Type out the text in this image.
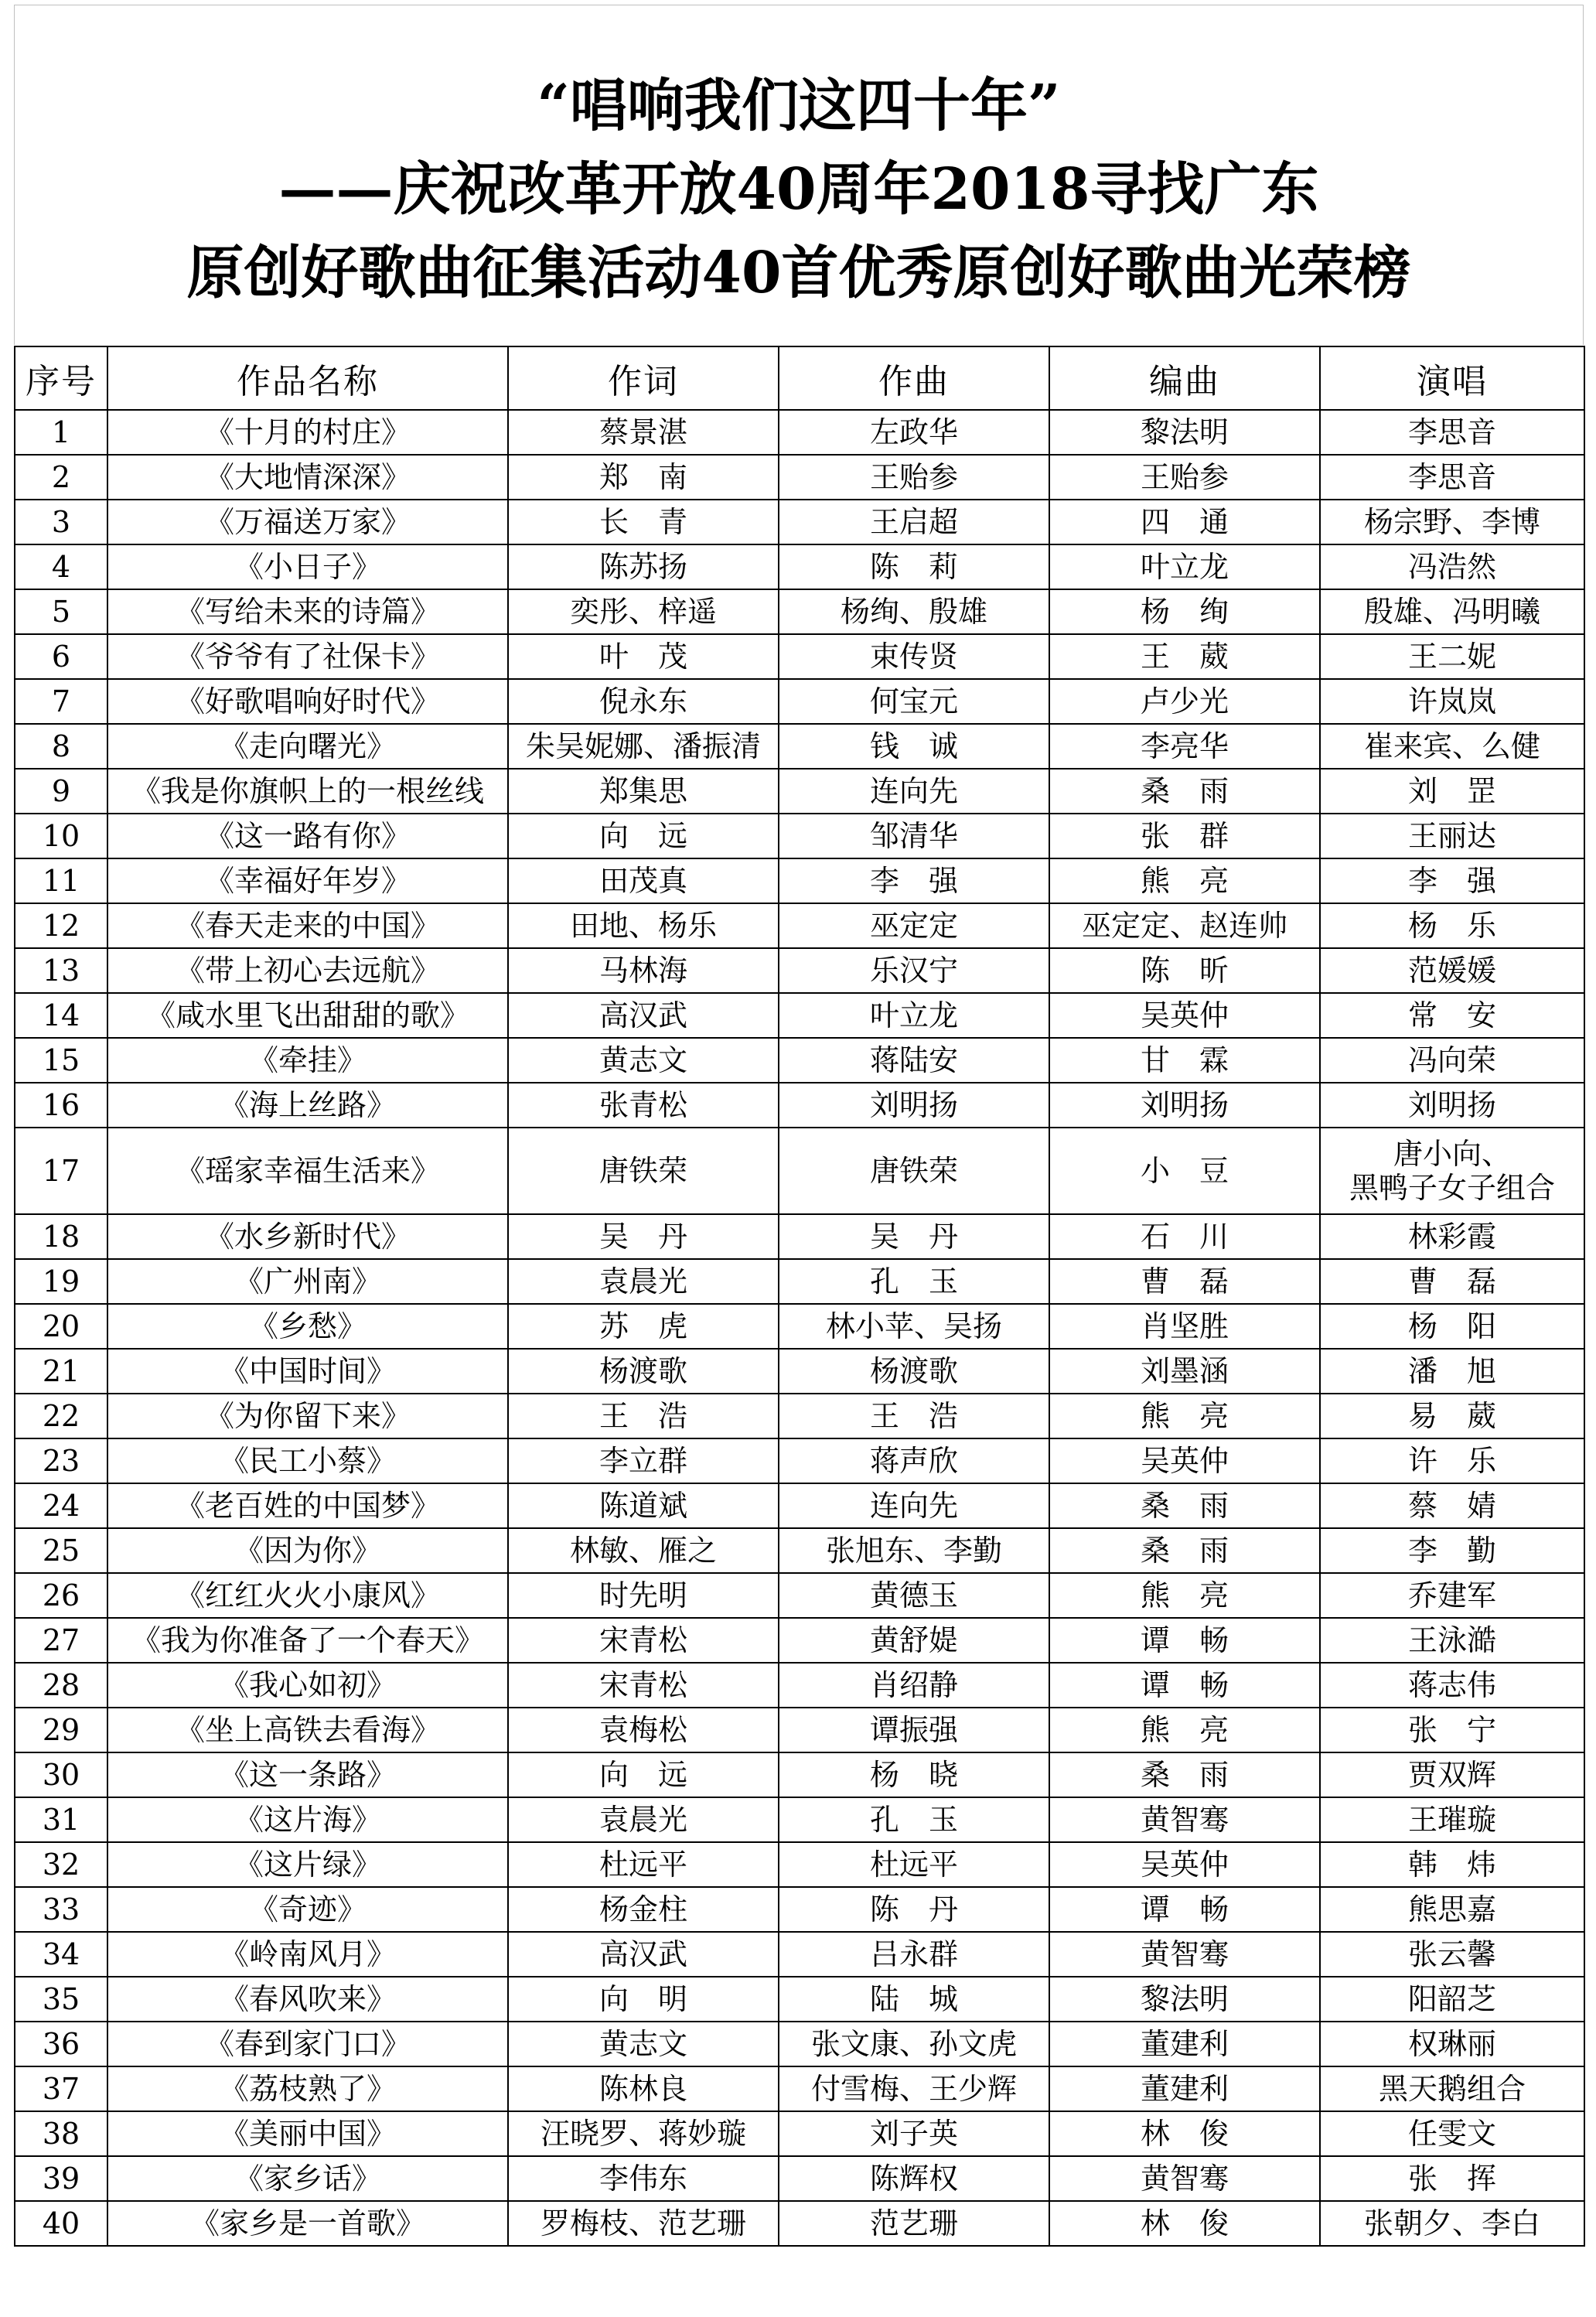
“唱响我们这四十年”
——庆祝改革开放40周年2018寻找广东
原创好歌曲征集活动40首优秀原创好歌曲光荣榜
序号	作品名称	作词	作曲	编曲	演唱
1	《十月的村庄》	蔡景湛	左政华	黎法明	李思音
2	《大地情深深》	郑　南	王贻参	王贻参	李思音
3	《万福送万家》	长　青	王启超	四　通	杨宗野、李博
4	《小日子》	陈苏扬	陈　莉	叶立龙	冯浩然
5	《写给未来的诗篇》	奕彤、梓遥	杨绚、殷雄	杨　绚	殷雄、冯明曦
6	《爷爷有了社保卡》	叶　茂	束传贤	王　葳	王二妮
7	《好歌唱响好时代》	倪永东	何宝元	卢少光	许岚岚
8	《走向曙光》	朱吴妮娜、潘振清	钱　诚	李亮华	崔来宾、么健
9	《我是你旗帜上的一根丝线	郑集思	连向先	桑　雨	刘　罡
10	《这一路有你》	向　远	邹清华	张　群	王丽达
11	《幸福好年岁》	田茂真	李　强	熊　亮	李　强
12	《春天走来的中国》	田地、杨乐	巫定定	巫定定、赵连帅	杨　乐
13	《带上初心去远航》	马林海	乐汉宁	陈　昕	范媛媛
14	《咸水里飞出甜甜的歌》	高汉武	叶立龙	吴英仲	常　安
15	《牵挂》	黄志文	蒋陆安	甘　霖	冯向荣
16	《海上丝路》	张青松	刘明扬	刘明扬	刘明扬
17	《瑶家幸福生活来》	唐铁荣	唐铁荣	小　豆	唐小向、
黑鸭子女子组合

18	《水乡新时代》	吴　丹	吴　丹	石　川	林彩霞
19	《广州南》	袁晨光	孔　玉	曹　磊	曹　磊
20	《乡愁》	苏　虎	林小苹、吴扬	肖坚胜	杨　阳
21	《中国时间》	杨渡歌	杨渡歌	刘墨涵	潘　旭
22	《为你留下来》	王　浩	王　浩	熊　亮	易　葳
23	《民工小蔡》	李立群	蒋声欣	吴英仲	许　乐
24	《老百姓的中国梦》	陈道斌	连向先	桑　雨	蔡　婧
25	《因为你》	林敏、雁之	张旭东、李勤	桑　雨	李　勤
26	《红红火火小康风》	时先明	黄德玉	熊　亮	乔建军
27	《我为你准备了一个春天》	宋青松	黄舒媞	谭　畅	王泳澔
28	《我心如初》	宋青松	肖绍静	谭　畅	蒋志伟
29	《坐上高铁去看海》	袁梅松	谭振强	熊　亮	张　宁
30	《这一条路》	向　远	杨　晓	桑　雨	贾双辉
31	《这片海》	袁晨光	孔　玉	黄智骞	王璀璇
32	《这片绿》	杜远平	杜远平	吴英仲	韩　炜
33	《奇迹》	杨金柱	陈　丹	谭　畅	熊思嘉
34	《岭南风月》	高汉武	吕永群	黄智骞	张云馨
35	《春风吹来》	向　明	陆　城	黎法明	阳韶芝
36	《春到家门口》	黄志文	张文康、孙文虎	董建利	权琳丽
37	《荔枝熟了》	陈林良	付雪梅、王少辉	董建利	黑天鹅组合
38	《美丽中国》	汪晓罗、蒋妙璇	刘子英	林　俊	任雯文
39	《家乡话》	李伟东	陈辉权	黄智骞	张　挥
40	《家乡是一首歌》	罗梅枝、范艺珊	范艺珊	林　俊	张朝夕、李白
